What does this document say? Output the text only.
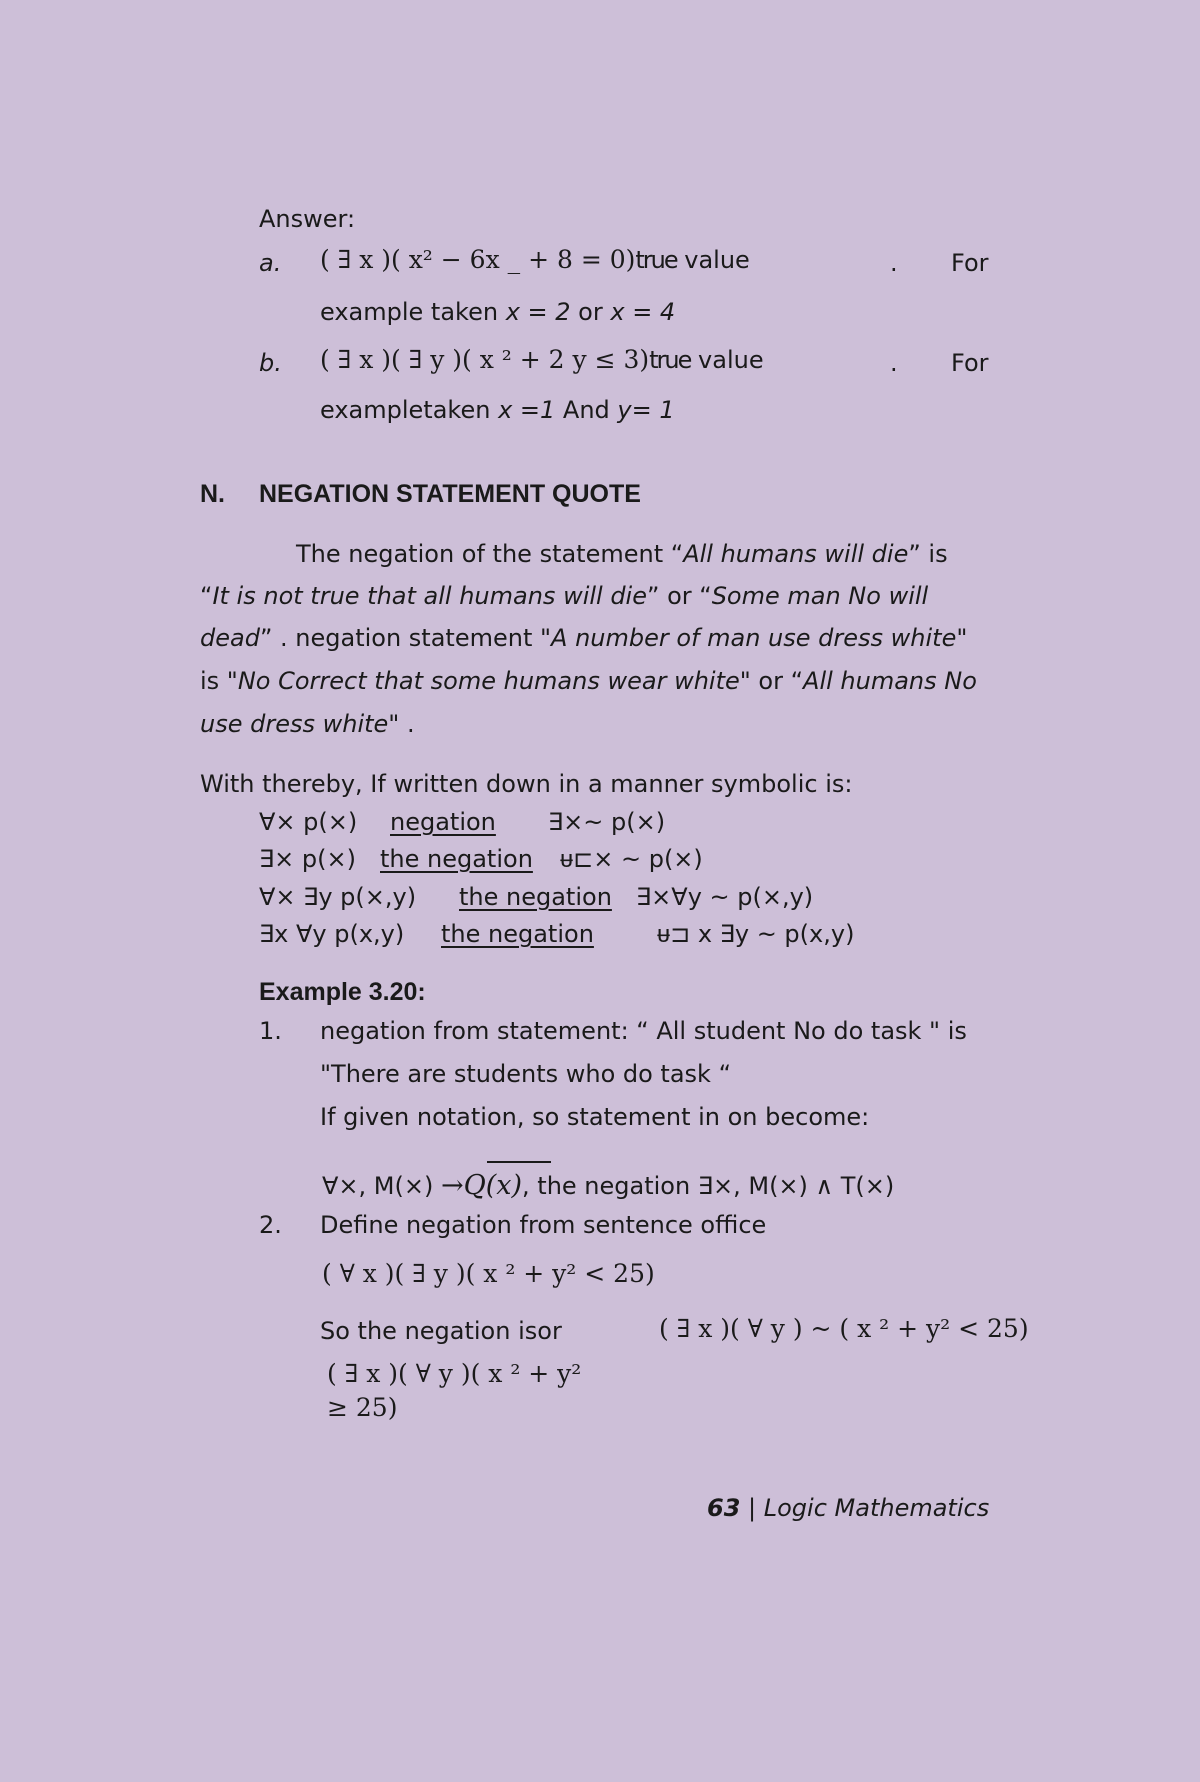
Answer:
a. ( ∃ x )( x² − 6x _ + 8 = 0)true value	. For
example taken x = 2 or x = 4
b. ( ∃ x )( ∃ y )( x ² + 2 y ≤ 3)true value	. For
exampletaken x =1 And y= 1
N. NEGATION STATEMENT QUOTE
The negation of the statement “All humans will die” is
“It is not true that all humans will die” or “Some man No will
dead” . negation statement "A number of man use dress white"
is "No Correct that some humans wear white" or “All humans No
use dress white" .
With thereby, If written down in a manner symbolic is:
∀× p(×) negation ∃×~ p(×)
∃× p(×) the negation ᵾ⊏× ~ p(×)
∀× ∃y p(×,y) the negation ∃×∀y ~ p(×,y)
∃x ∀y p(x,y) the negation	ᵾ⊐ x ∃y ~ p(x,y)
Example 3.20:
1. negation from statement: “ All student No do task " is
"There are students who do task “
If given notation, so statement in on become:
∀×, M(×) →Q(x), the negation ∃×, M(×) ∧ T(×)
2. Define negation from sentence office
( ∀ x )( ∃ y )( x ² + y² < 25)
So the negation isor	( ∃ x )( ∀ y ) ~ ( x ² + y² < 25)
( ∃ x )( ∀ y )( x ² + y²
≥ 25)
63 | Logic Mathematics
